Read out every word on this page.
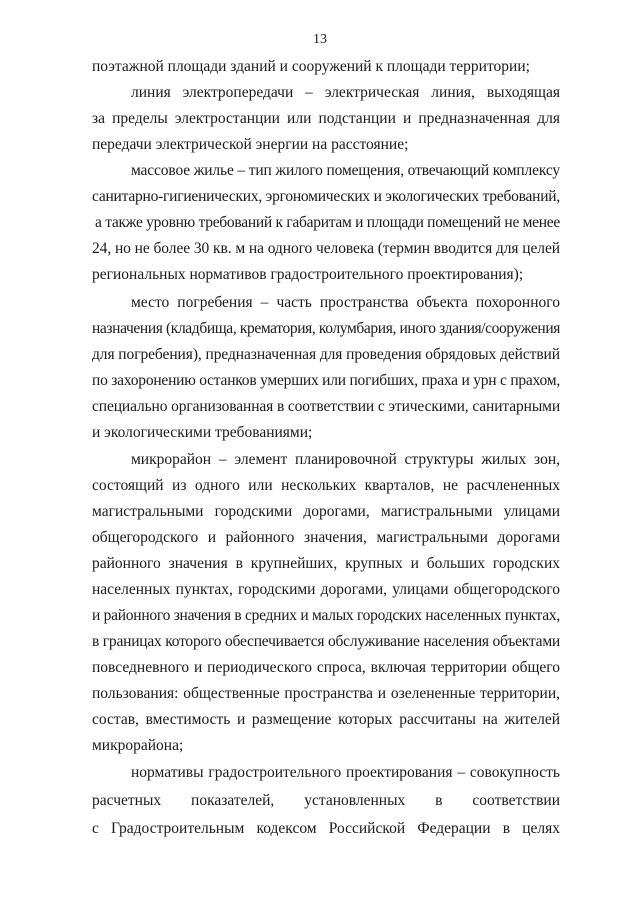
13
поэтажной площади зданий и сооружений к площади территории;
линия электропередачи – электрическая линия, выходящая
за пределы электростанции или подстанции и предназначенная для
передачи электрической энергии на расстояние;
массовое жилье – тип жилого помещения, отвечающий комплексу
санитарно-гигиенических, эргономических и экологических требований,
а также уровню требований к габаритам и площади помещений не менее
24, но не более 30 кв. м на одного человека (термин вводится для целей
региональных нормативов градостроительного проектирования);
место погребения – часть пространства объекта похоронного
назначения (кладбища, крематория, колумбария, иного здания/сооружения
для погребения), предназначенная для проведения обрядовых действий
по захоронению останков умерших или погибших, праха и урн с прахом,
специально организованная в соответствии с этическими, санитарными
и экологическими требованиями;
микрорайон – элемент планировочной структуры жилых зон,
состоящий из одного или нескольких кварталов, не расчлененных
магистральными городскими дорогами, магистральными улицами
общегородского и районного значения, магистральными дорогами
районного значения в крупнейших, крупных и больших городских
населенных пунктах, городскими дорогами, улицами общегородского
и районного значения в средних и малых городских населенных пунктах,
в границах которого обеспечивается обслуживание населения объектами
повседневного и периодического спроса, включая территории общего
пользования: общественные пространства и озелененные территории,
состав, вместимость и размещение которых рассчитаны на жителей
микрорайона;
нормативы градостроительного проектирования – совокупность
расчетных показателей, установленных в соответствии
с Градостроительным кодексом Российской Федерации в целях
